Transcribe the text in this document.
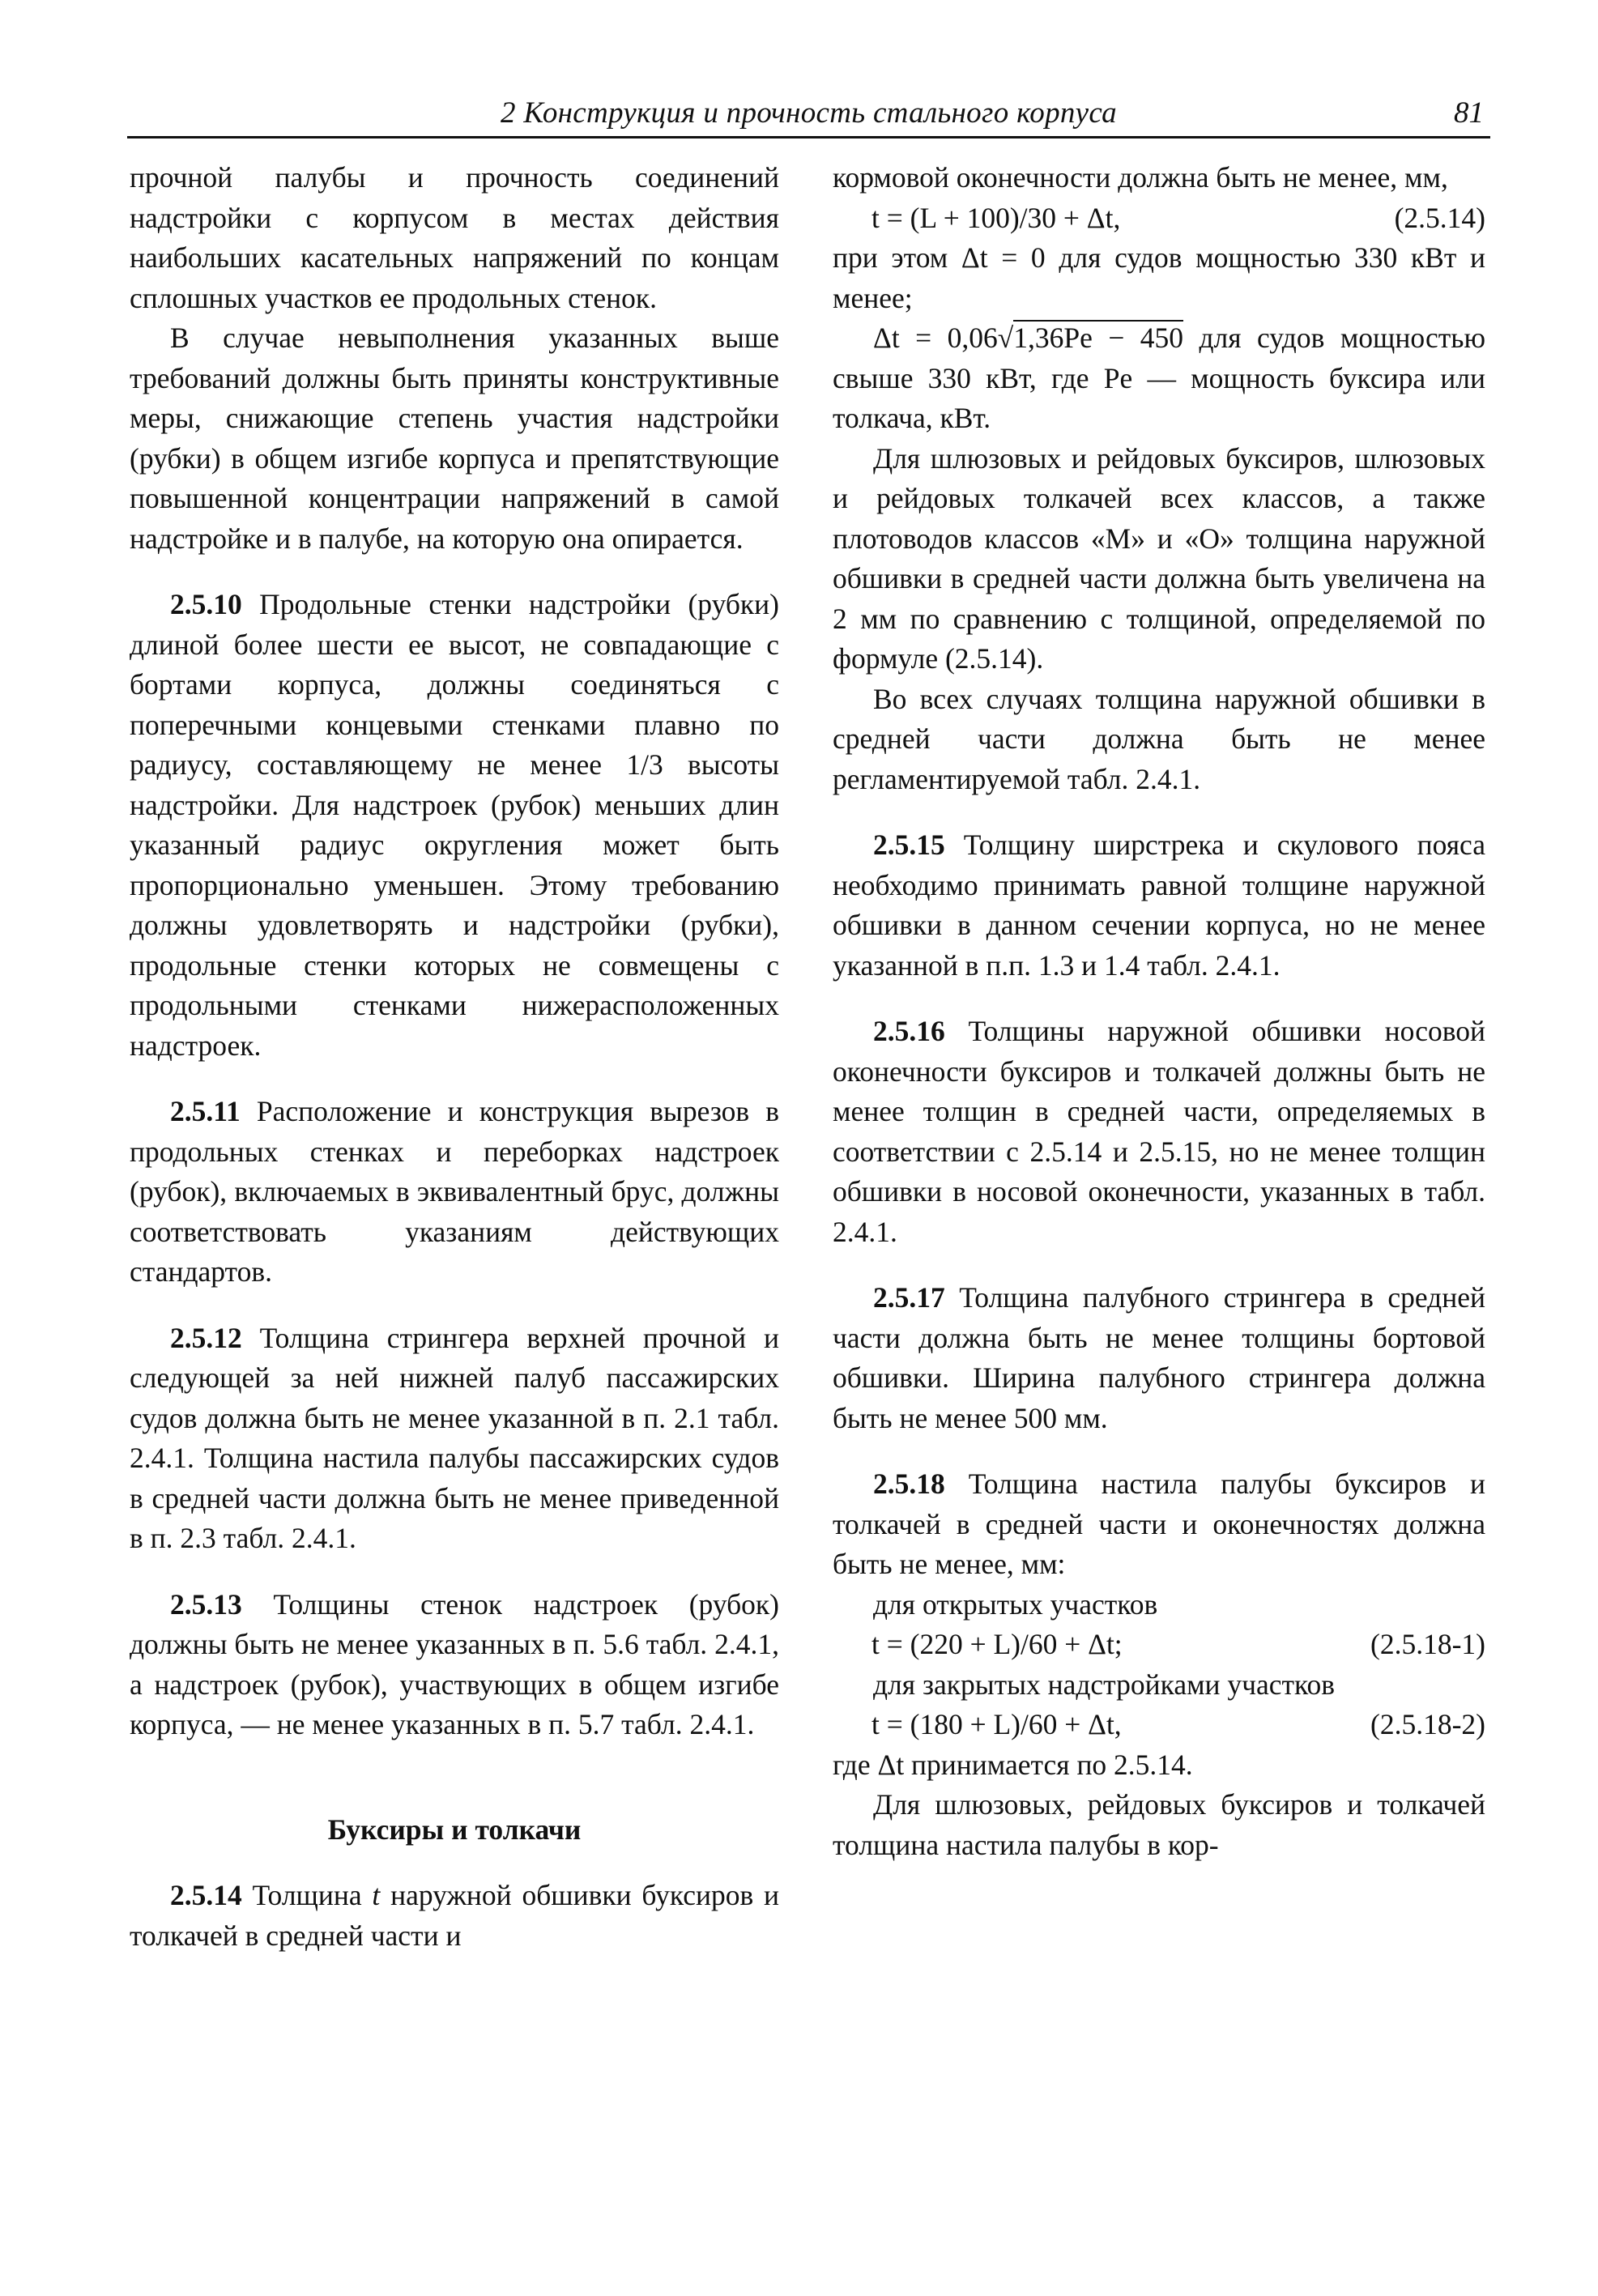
2 Конструкция и прочность стального корпуса	81

прочной палубы и прочность соединений надстройки с корпусом в местах действия наибольших касательных напряжений по концам сплошных участков ее продольных стенок.

В случае невыполнения указанных выше требований должны быть приняты конструктивные меры, снижающие степень участия надстройки (рубки) в общем изгибе корпуса и препятствующие повышенной концентрации напряжений в самой надстройке и в палубе, на которую она опирается.

2.5.10 Продольные стенки надстройки (рубки) длиной более шести ее высот, не совпадающие с бортами корпуса, должны соединяться с поперечными концевыми стенками плавно по радиусу, составляющему не менее 1/3 высоты надстройки. Для надстроек (рубок) меньших длин указанный радиус округления может быть пропорционально уменьшен. Этому требованию должны удовлетворять и надстройки (рубки), продольные стенки которых не совмещены с продольными стенками нижерасположенных надстроек.

2.5.11 Расположение и конструкция вырезов в продольных стенках и переборках надстроек (рубок), включаемых в эквивалентный брус, должны соответствовать указаниям действующих стандартов.

2.5.12 Толщина стрингера верхней прочной и следующей за ней нижней палуб пассажирских судов должна быть не менее указанной в п. 2.1 табл. 2.4.1. Толщина настила палубы пассажирских судов в средней части должна быть не менее приведенной в п. 2.3 табл. 2.4.1.

2.5.13 Толщины стенок надстроек (рубок) должны быть не менее указанных в п. 5.6 табл. 2.4.1, а надстроек (рубок), участвующих в общем изгибе корпуса, — не менее указанных в п. 5.7 табл. 2.4.1.

Буксиры и толкачи

2.5.14 Толщина t наружной обшивки буксиров и толкачей в средней части и

кормовой оконечности должна быть не менее, мм,

t = (L + 100)/30 + Δt,	(2.5.14)

при этом Δt = 0 для судов мощностью 330 кВт и менее;

Δt = 0,06√1,36Pe − 450 для судов мощностью свыше 330 кВт, где Pe — мощность буксира или толкача, кВт.

Для шлюзовых и рейдовых буксиров, шлюзовых и рейдовых толкачей всех классов, а также плотоводов классов «М» и «О» толщина наружной обшивки в средней части должна быть увеличена на 2 мм по сравнению с толщиной, определяемой по формуле (2.5.14).

Во всех случаях толщина наружной обшивки в средней части должна быть не менее регламентируемой табл. 2.4.1.

2.5.15 Толщину ширстрека и скулового пояса необходимо принимать равной толщине наружной обшивки в данном сечении корпуса, но не менее указанной в п.п. 1.3 и 1.4 табл. 2.4.1.

2.5.16 Толщины наружной обшивки носовой оконечности буксиров и толкачей должны быть не менее толщин в средней части, определяемых в соответствии с 2.5.14 и 2.5.15, но не менее толщин обшивки в носовой оконечности, указанных в табл. 2.4.1.

2.5.17 Толщина палубного стрингера в средней части должна быть не менее толщины бортовой обшивки. Ширина палубного стрингера должна быть не менее 500 мм.

2.5.18 Толщина настила палубы буксиров и толкачей в средней части и оконечностях должна быть не менее, мм:

для открытых участков

t = (220 + L)/60 + Δt;	(2.5.18-1)

для закрытых надстройками участков

t = (180 + L)/60 + Δt,	(2.5.18-2)

где Δt принимается по 2.5.14.

Для шлюзовых, рейдовых буксиров и толкачей толщина настила палубы в кор-
